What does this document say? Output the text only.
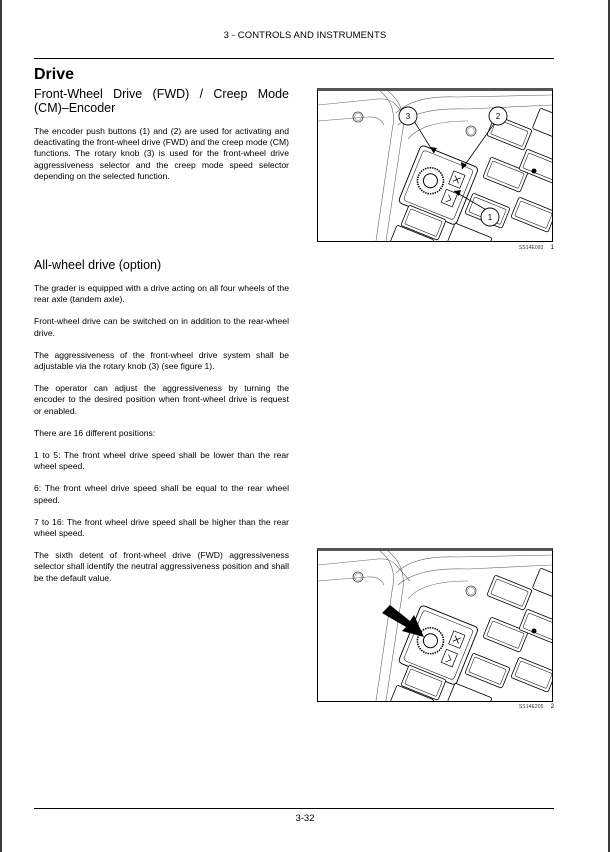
3 - CONTROLS AND INSTRUMENTS
Drive
Front-Wheel Drive (FWD) / Creep Mode (CM)–Encoder

The encoder push buttons (1) and (2) are used for activating and deactivating the front-wheel drive (FWD) and the creep mode (CM) functions. The rotary knob (3) is used for the front-wheel drive aggressiveness selector and the creep mode speed selector depending on the selected function.

All-wheel drive (option)

The grader is equipped with a drive acting on all four wheels of the rear axle (tandem axle).

Front-wheel drive can be switched on in addition to the rear-wheel drive.

The aggressiveness of the front-wheel drive system shall be adjustable via the rotary knob (3) (see figure 1).

The operator can adjust the aggressiveness by turning the encoder to the desired position when front-wheel drive is request or enabled.

There are 16 different positions:

1 to 5: The front wheel drive speed shall be lower than the rear wheel speed.

6: The front wheel drive speed shall be equal to the rear wheel speed.

7 to 16: The front wheel drive speed shall be higher than the rear wheel speed.

The sixth detent of front-wheel drive (FWD) aggressiveness selector shall identify the neutral aggressiveness position and shall be the default value.

3	2
1
SS14E092 1
SS14E205 2
3-32
